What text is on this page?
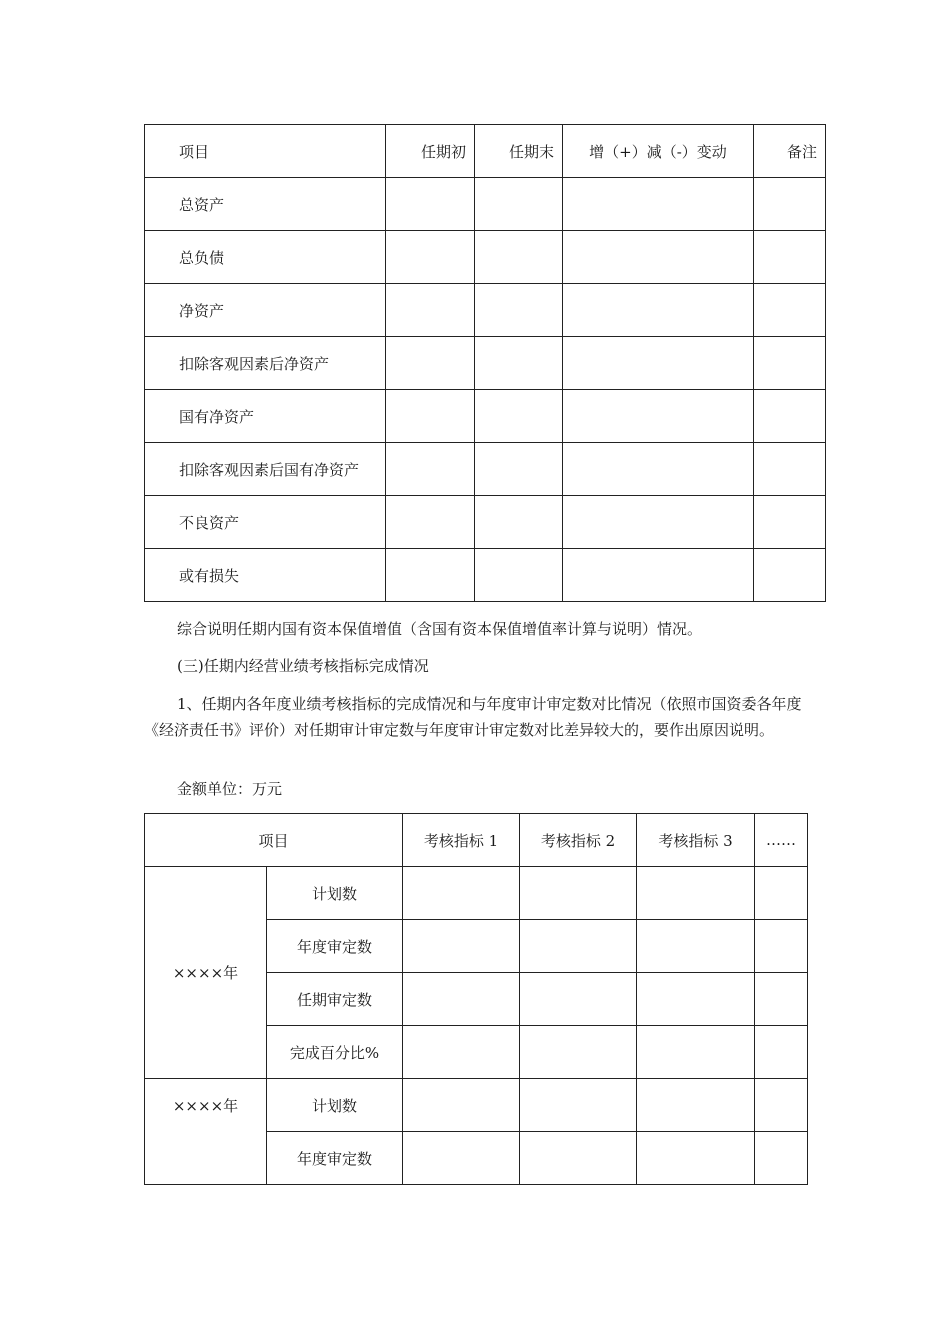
项目	任期初	任期末	增（+）减（-）变动	备注
总资产				
总负债				
净资产				
扣除客观因素后净资产				
国有净资产				
扣除客观因素后国有净资产				
不良资产				
或有损失				

综合说明任期内国有资本保值增值（含国有资本保值增值率计算与说明）情况。

(三)任期内经营业绩考核指标完成情况

1、任期内各年度业绩考核指标的完成情况和与年度审计审定数对比情况（依照市国资委各年度《经济责任书》评价）对任期审计审定数与年度审计审定数对比差异较大的，要作出原因说明。

金额单位：万元

项目		考核指标 1	考核指标 2	考核指标 3	……
××××年	计划数				
	年度审定数				
	任期审定数				
	完成百分比%				
××××年	计划数				
	年度审定数				
